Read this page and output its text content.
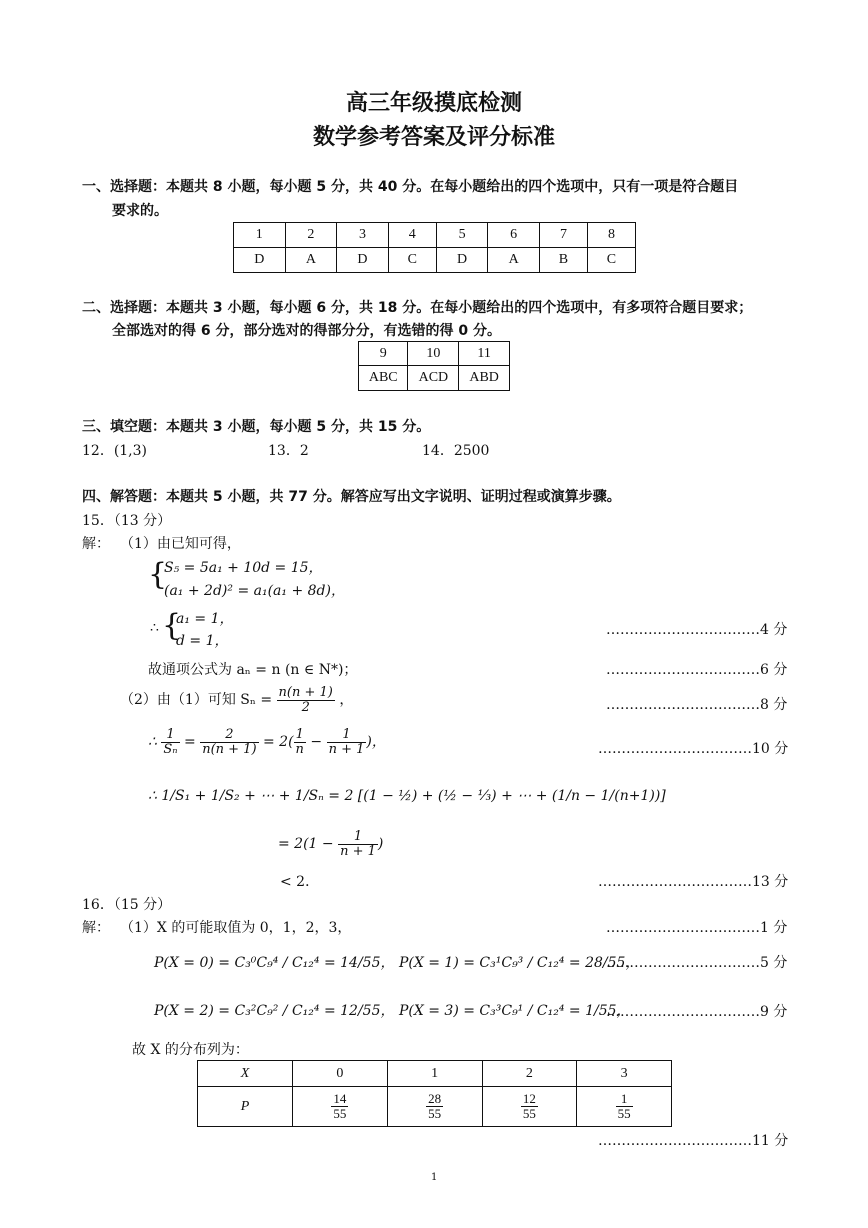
高三年级摸底检测
数学参考答案及评分标准
一、选择题：本题共 8 小题，每小题 5 分，共 40 分。在每小题给出的四个选项中，只有一项是符合题目
要求的。
1	2	3	4	5	6	7	8
D	A	D	C	D	A	B	C
二、选择题：本题共 3 小题，每小题 6 分，共 18 分。在每小题给出的四个选项中，有多项符合题目要求；
全部选对的得 6 分，部分选对的得部分分，有选错的得 0 分。
9	10	11
ABC	ACD	ABD
三、填空题：本题共 3 小题，每小题 5 分，共 15 分。
12．(1,3)	13．2	14．2500
四、解答题：本题共 5 小题，共 77 分。解答应写出文字说明、证明过程或演算步骤。
15．（13 分）
解： （1）由已知可得，
{
S₅ = 5a₁ + 10d = 15，
(a₁ + 2d)² = a₁(a₁ + 8d)，
∴ {
a₁ = 1，
d = 1，
……………………………4 分
故通项公式为 aₙ = n (n ∈ N*)；	……………………………6 分
（2）由（1）可知 $S_n = \frac{n(n + 1)}{2}$ ，	……………………………8 分
∴ $\frac{1}{\text{Sₙ}} = \frac{2}{n(n + 1)} = 2( \frac{1}{n} - \frac{1}{n + 1}$ )，	……………………………10 分
∴ 1/S₁ + 1/S₂ + ⋯ + 1/Sₙ = 2 [(1 − ½) + (½ − ⅓) + ⋯ + (1/n − 1/(n+1))]
= $2(1 - \frac{1}{n + 1}$ )
< 2．	……………………………13 分
16．（15 分）
解： （1）X 的可能取值为 0，1，2，3，	……………………………1 分
P(X = 0) = C₃⁰C₉⁴ / C₁₂⁴ = 14/55， P(X = 1) = C₃¹C₉³ / C₁₂⁴ = 28/55，
……………………………5 分
P(X = 2) = C₃²C₉² / C₁₂⁴ = 12/55， P(X = 3) = C₃³C₉¹ / C₁₂⁴ = 1/55，
……………………………9 分
故 X 的分布列为：
X	0	1	2	3
P	$\frac{14}{55}$	$\frac{28}{55}$	$\frac{12}{55}$	$\frac{1}{55}$
……………………………11 分
1
